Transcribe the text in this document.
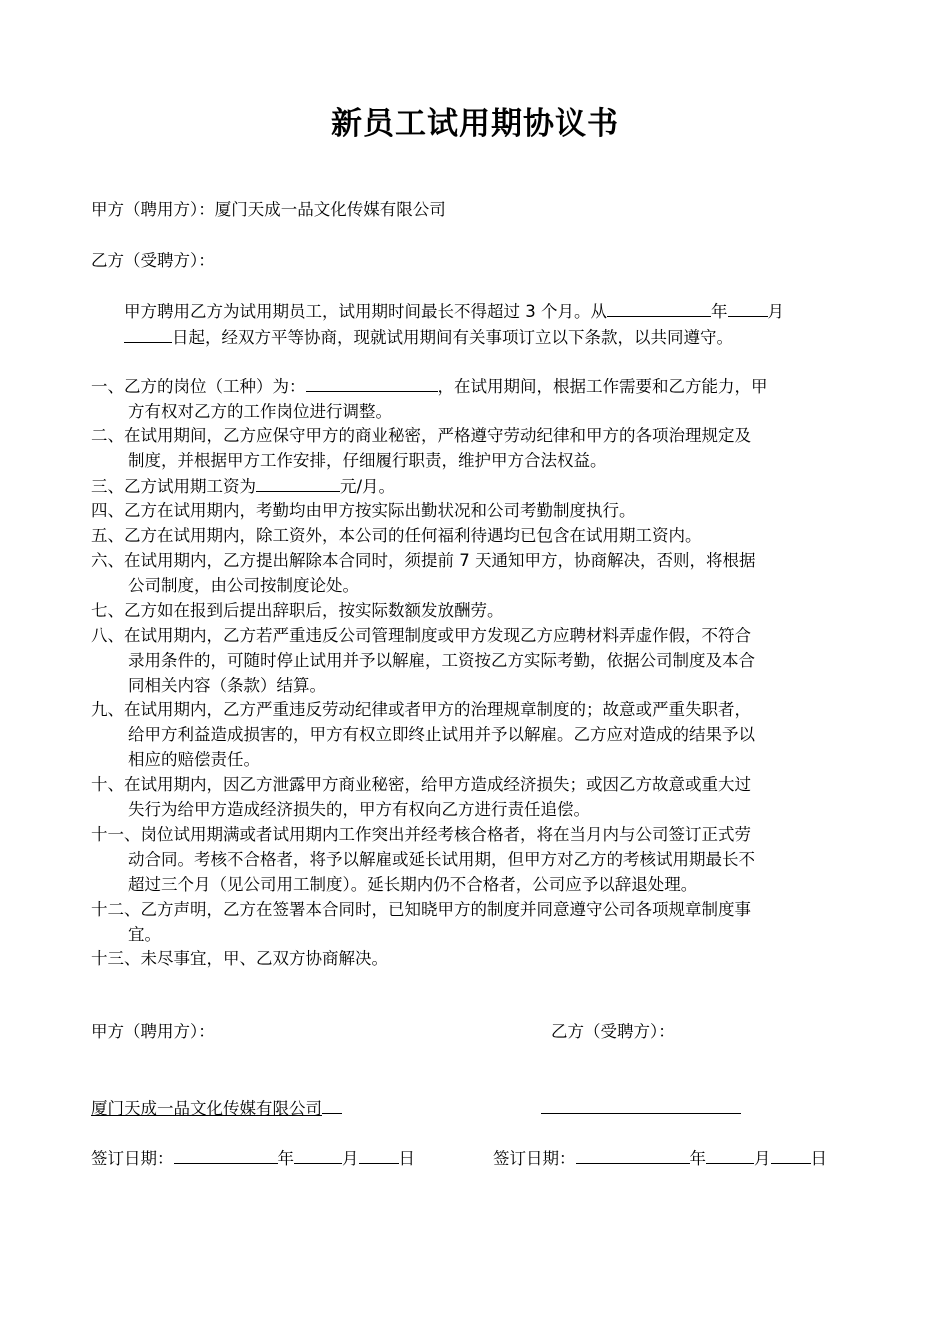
新员工试用期协议书
甲方（聘用方）：厦门天成一品文化传媒有限公司
乙方（受聘方）：
甲方聘用乙方为试用期员工，试用期时间最长不得超过 3 个月。从	年 月
日起，经双方平等协商，现就试用期间有关事项订立以下条款，以共同遵守。
一、乙方的岗位（工种）为：	，在试用期间，根据工作需要和乙方能力，甲
方有权对乙方的工作岗位进行调整。
二、在试用期间，乙方应保守甲方的商业秘密，严格遵守劳动纪律和甲方的各项治理规定及
制度，并根据甲方工作安排，仔细履行职责，维护甲方合法权益。
三、乙方试用期工资为	元/月。
四、乙方在试用期内，考勤均由甲方按实际出勤状况和公司考勤制度执行。
五、乙方在试用期内，除工资外，本公司的任何福利待遇均已包含在试用期工资内。
六、在试用期内，乙方提出解除本合同时，须提前 7 天通知甲方，协商解决，否则，将根据
公司制度，由公司按制度论处。
七、乙方如在报到后提出辞职后，按实际数额发放酬劳。
八、在试用期内，乙方若严重违反公司管理制度或甲方发现乙方应聘材料弄虚作假，不符合
录用条件的，可随时停止试用并予以解雇，工资按乙方实际考勤，依据公司制度及本合
同相关内容（条款）结算。
九、在试用期内，乙方严重违反劳动纪律或者甲方的治理规章制度的；故意或严重失职者，
给甲方利益造成损害的，甲方有权立即终止试用并予以解雇。乙方应对造成的结果予以
相应的赔偿责任。
十、在试用期内，因乙方泄露甲方商业秘密，给甲方造成经济损失；或因乙方故意或重大过
失行为给甲方造成经济损失的，甲方有权向乙方进行责任追偿。
十一、岗位试用期满或者试用期内工作突出并经考核合格者，将在当月内与公司签订正式劳
动合同。考核不合格者，将予以解雇或延长试用期，但甲方对乙方的考核试用期最长不
超过三个月（见公司用工制度）。延长期内仍不合格者，公司应予以辞退处理。
十二、乙方声明，乙方在签署本合同时，已知晓甲方的制度并同意遵守公司各项规章制度事
宜。
十三、未尽事宜，甲、乙双方协商解决。
甲方（聘用方）：	乙方（受聘方）：
厦门天成一品文化传媒有限公司
签订日期：	年	月 日	签订日期：	年	月 日
